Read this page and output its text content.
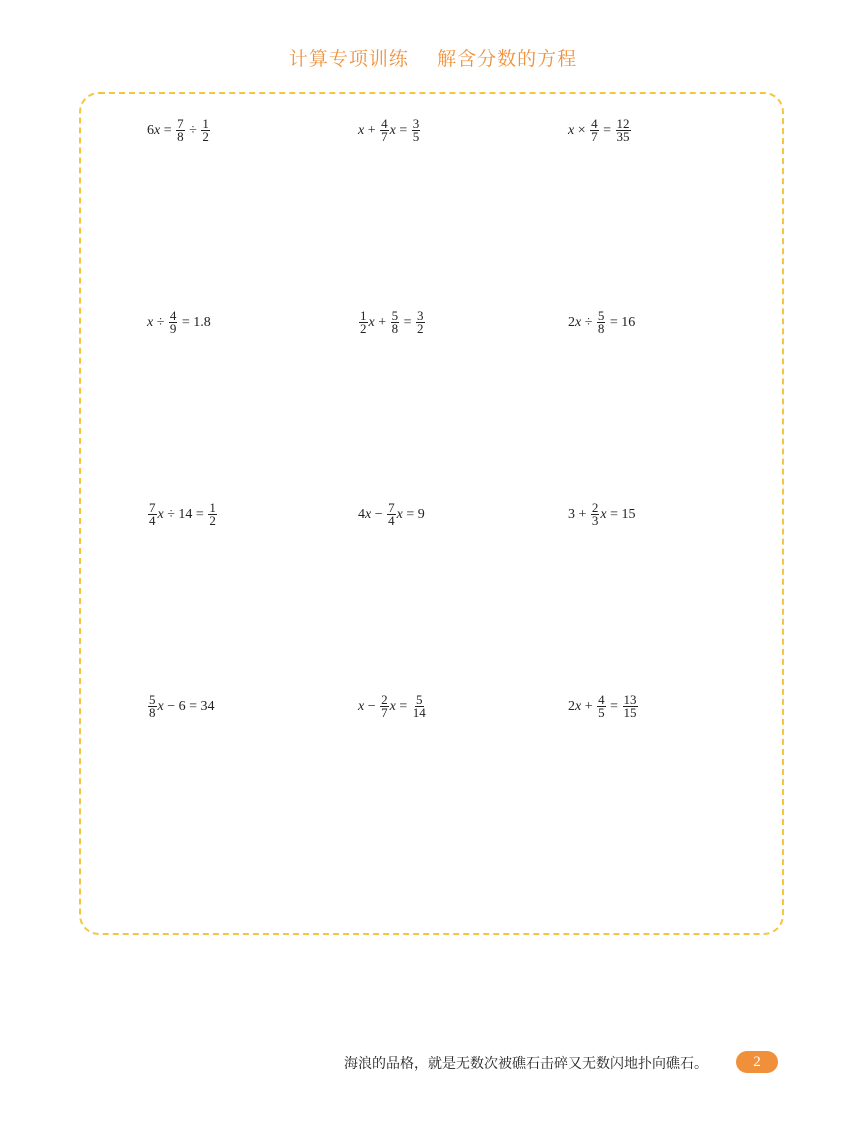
计算专项训练 解含分数的方程
6 $x = \frac{7}{8} \div \frac{1}{2}$	$x + \frac{4}{7}$ $x = \frac{3}{5}$	$x \times \frac{4}{7} = \frac{12}{35}$
$x \div \frac{4}{9} = 1.8$	$\frac{1}{2}$ $x + \frac{5}{8} = \frac{3}{2}$	2 $x \div \frac{5}{8} = 16$
$\frac{7}{4}$ $x \div 14 = \frac{1}{2}$	4 $x - \frac{7}{4}$ x = 9	$3 + \frac{2}{3}$ x = 15
$\frac{5}{8}$ x − 6 = 34	$x - \frac{2}{7}$ $x = \frac{5}{14}$	2 $x + \frac{4}{5} = \frac{13}{15}$
海浪的品格，就是无数次被礁石击碎又无数闪地扑向礁石。	2
